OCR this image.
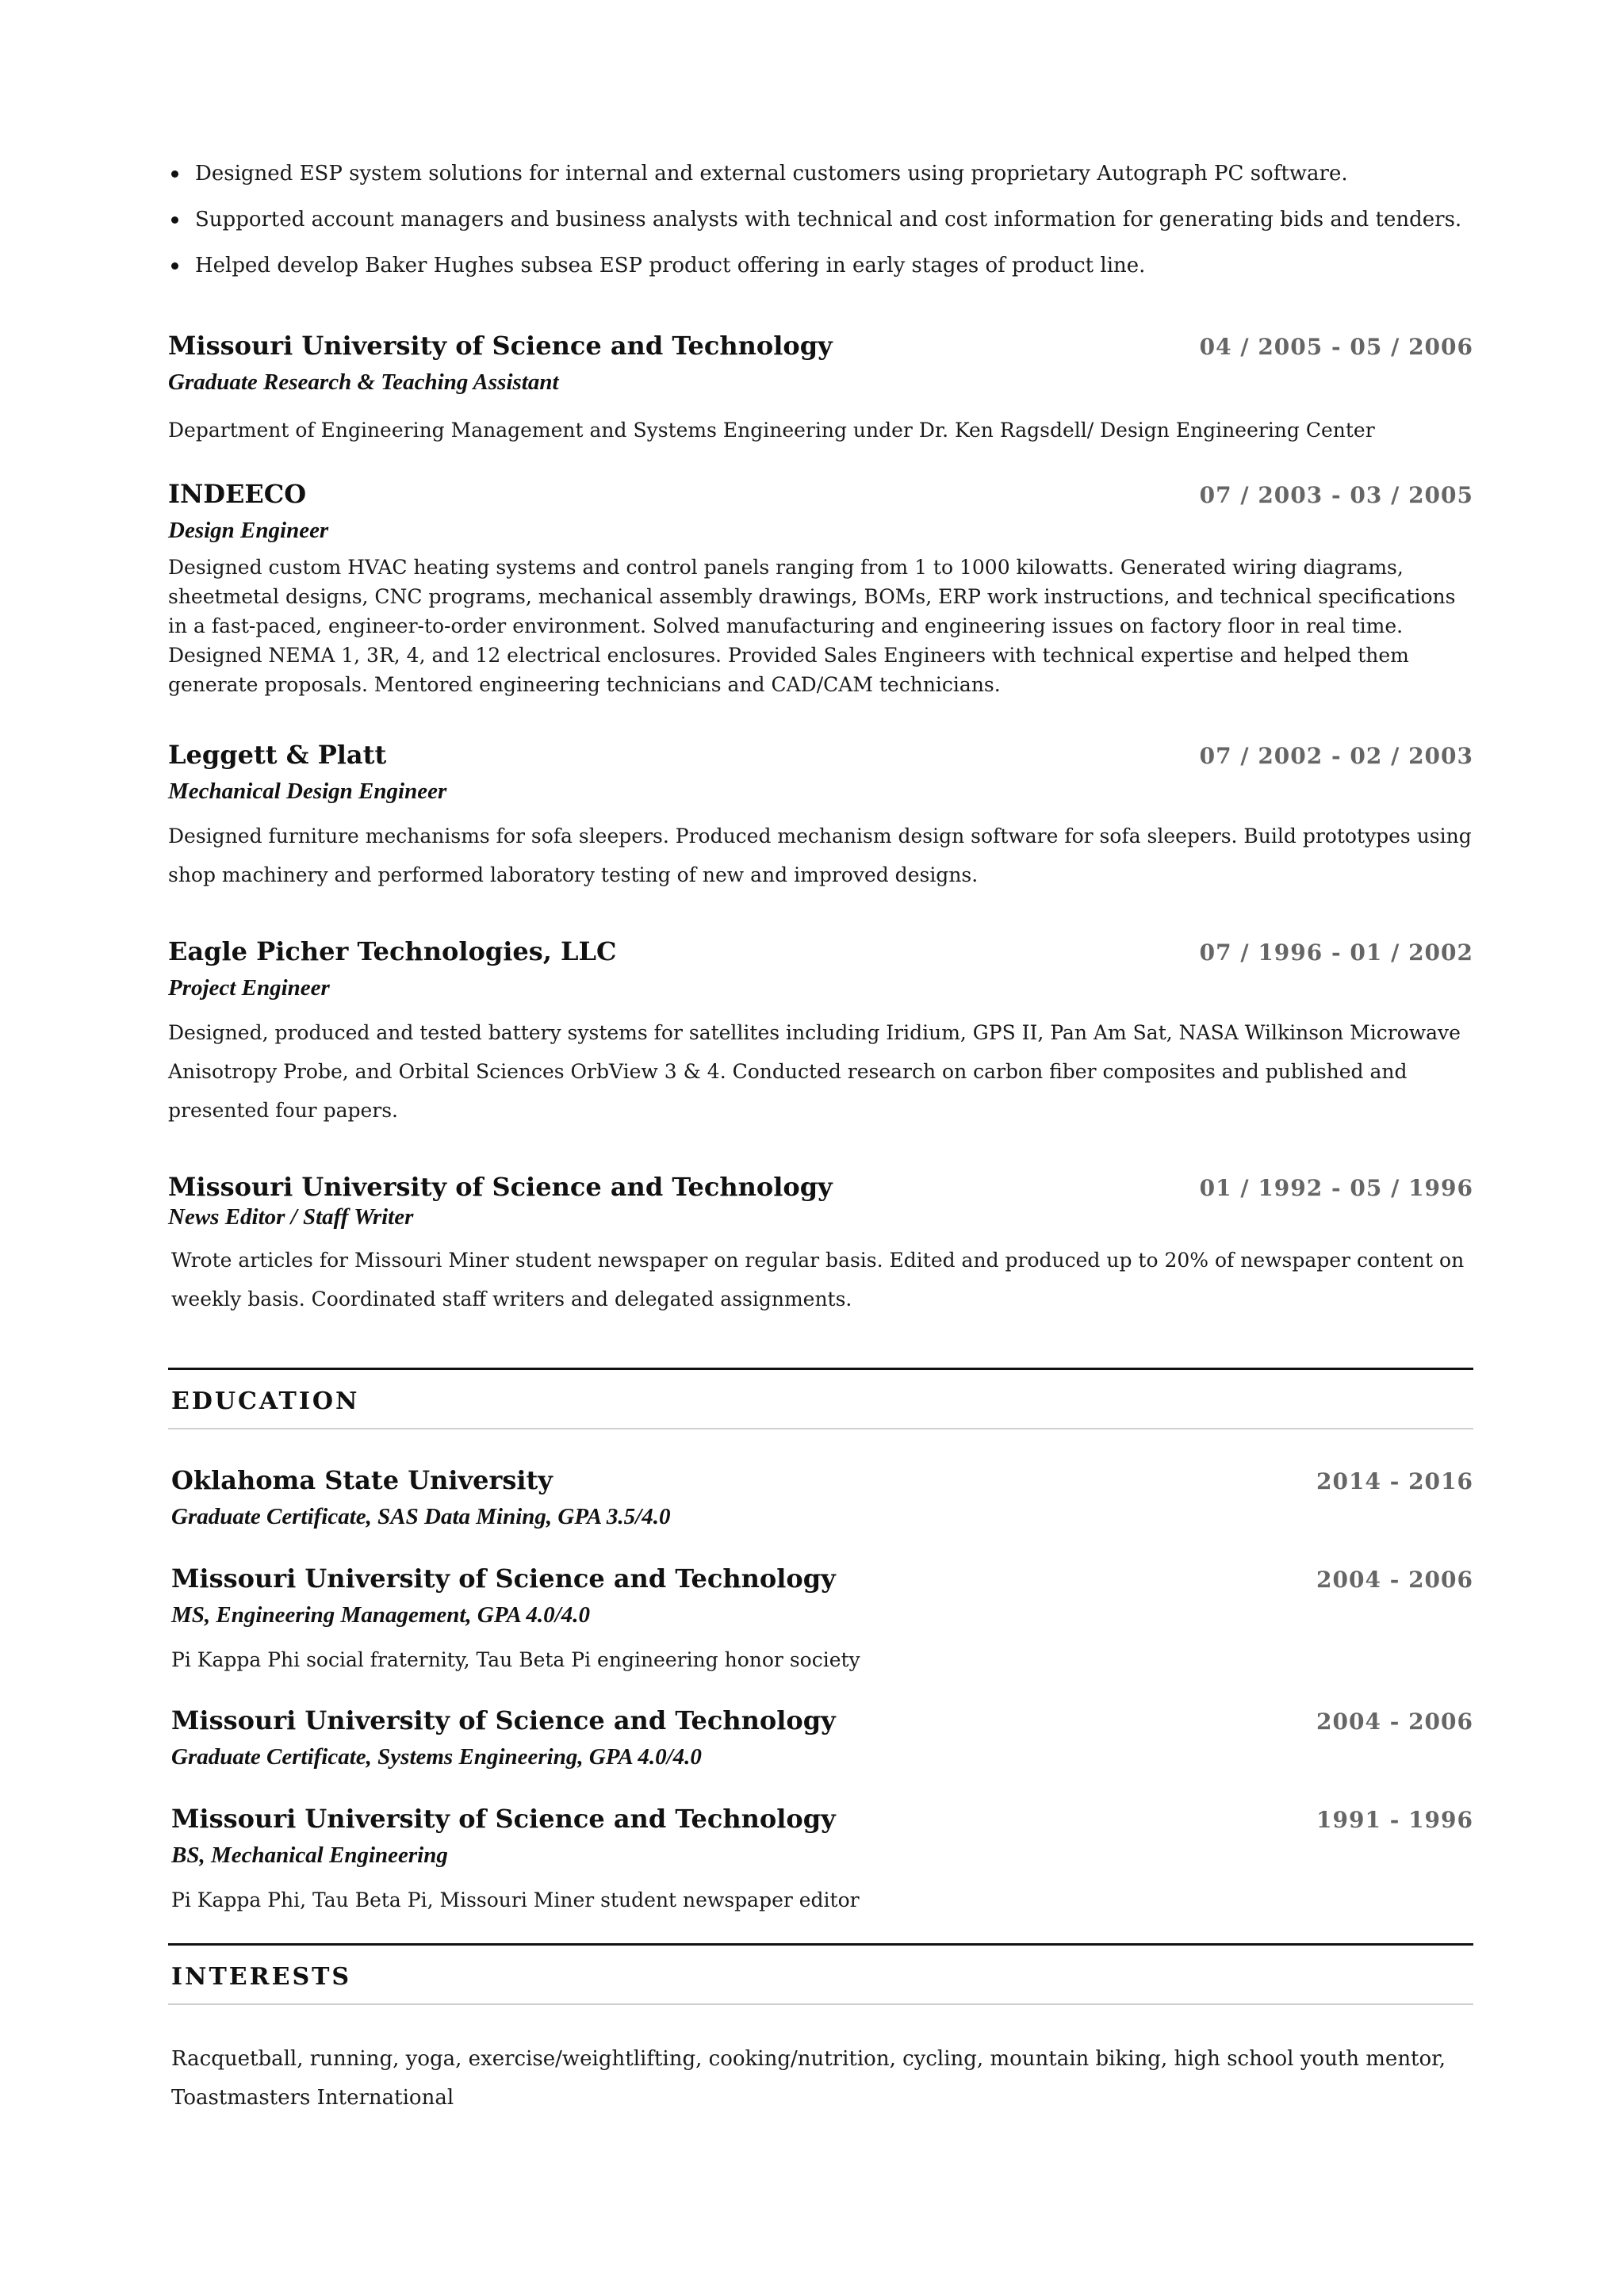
Designed ESP system solutions for internal and external customers using proprietary Autograph PC software.
Supported account managers and business analysts with technical and cost information for generating bids and tenders.
Helped develop Baker Hughes subsea ESP product offering in early stages of product line.
Missouri University of Science and Technology	04 / 2005 - 05 / 2006
Graduate Research & Teaching Assistant
Department of Engineering Management and Systems Engineering under Dr. Ken Ragsdell/ Design Engineering Center
INDEECO	07 / 2003 - 03 / 2005
Design Engineer
Designed custom HVAC heating systems and control panels ranging from 1 to 1000 kilowatts. Generated wiring diagrams, sheetmetal designs, CNC programs, mechanical assembly drawings, BOMs, ERP work instructions, and technical specifications in a fast-paced, engineer-to-order environment. Solved manufacturing and engineering issues on factory floor in real time. Designed NEMA 1, 3R, 4, and 12 electrical enclosures. Provided Sales Engineers with technical expertise and helped them generate proposals. Mentored engineering technicians and CAD/CAM technicians.
Leggett & Platt	07 / 2002 - 02 / 2003
Mechanical Design Engineer
Designed furniture mechanisms for sofa sleepers. Produced mechanism design software for sofa sleepers. Build prototypes using shop machinery and performed laboratory testing of new and improved designs.
Eagle Picher Technologies, LLC	07 / 1996 - 01 / 2002
Project Engineer
Designed, produced and tested battery systems for satellites including Iridium, GPS II, Pan Am Sat, NASA Wilkinson Microwave Anisotropy Probe, and Orbital Sciences OrbView 3 & 4. Conducted research on carbon fiber composites and published and presented four papers.
Missouri University of Science and Technology	01 / 1992 - 05 / 1996
News Editor / Staff Writer
Wrote articles for Missouri Miner student newspaper on regular basis. Edited and produced up to 20% of newspaper content on weekly basis. Coordinated staff writers and delegated assignments.
EDUCATION
Oklahoma State University	2014 - 2016
Graduate Certificate, SAS Data Mining, GPA 3.5/4.0
Missouri University of Science and Technology	2004 - 2006
MS, Engineering Management, GPA 4.0/4.0
Pi Kappa Phi social fraternity, Tau Beta Pi engineering honor society
Missouri University of Science and Technology	2004 - 2006
Graduate Certificate, Systems Engineering, GPA 4.0/4.0
Missouri University of Science and Technology	1991 - 1996
BS, Mechanical Engineering
Pi Kappa Phi, Tau Beta Pi, Missouri Miner student newspaper editor
INTERESTS
Racquetball, running, yoga, exercise/weightlifting, cooking/nutrition, cycling, mountain biking, high school youth mentor, Toastmasters International
